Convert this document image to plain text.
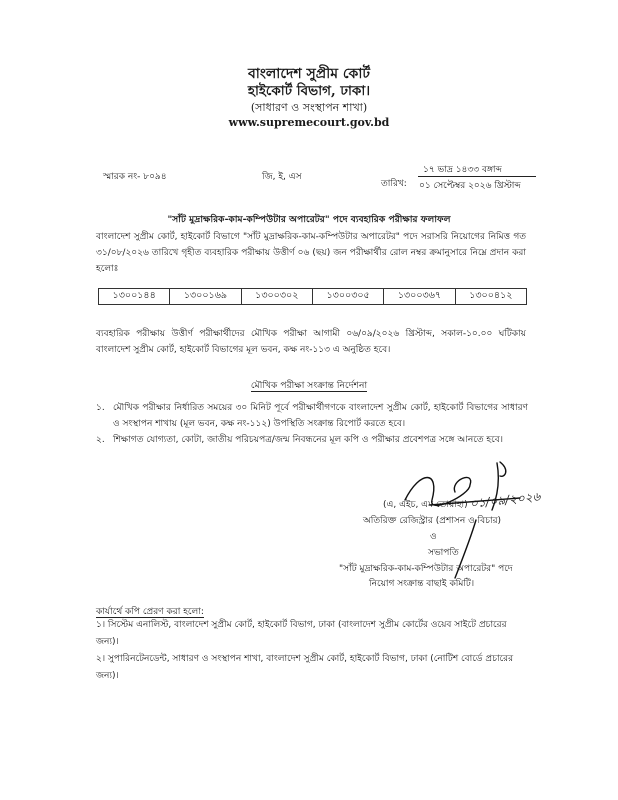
বাংলাদেশ সুপ্রীম কোর্ট
হাইকোর্ট বিভাগ, ঢাকা।
(সাধারণ ও সংস্থাপন শাখা)
www.supremecourt.gov.bd
স্মারক নং- ৮০৯৪	জি, ই, এস
তারিখ:
১৭ ভাদ্র ১৪৩৩ বঙ্গাব্দ
০১ সেপ্টেম্বর ২০২৬ খ্রিস্টাব্দ
"সাঁট মুদ্রাক্ষরিক-কাম-কম্পিউটার অপারেটর" পদে ব্যবহারিক পরীক্ষার ফলাফল
বাংলাদেশ সুপ্রীম কোর্ট, হাইকোর্ট বিভাগে "সাঁট মুদ্রাক্ষরিক-কাম-কম্পিউটার অপারেটর" পদে সরাসরি নিয়োগের নিমিত্ত গত ৩১/০৮/২০২৬ তারিখে গৃহীত ব্যবহারিক পরীক্ষায় উত্তীর্ণ ০৬ (ছয়) জন পরীক্ষার্থীর রোল নম্বর ক্রমানুসারে নিম্নে প্রদান করা হলোঃ
১৩০০১৪৪	১৩০০১৬৯	১৩০০৩০২	১৩০০৩০৫	১৩০০৩৬৭	১৩০০৪১২
ব্যবহারিক পরীক্ষায় উত্তীর্ণ পরীক্ষার্থীদের মৌখিক পরীক্ষা আগামী ০৬/০৯/২০২৬ খ্রিস্টাব্দ, সকাল-১০.০০ ঘটিকায় বাংলাদেশ সুপ্রীম কোর্ট, হাইকোর্ট বিভাগের মূল ভবন, কক্ষ নং-১১৩ এ অনুষ্ঠিত হবে।
মৌখিক পরীক্ষা সংক্রান্ত নির্দেশনা
১. মৌখিক পরীক্ষার নির্ধারিত সময়ের ৩০ মিনিট পূর্বে পরীক্ষার্থীগণকে বাংলাদেশ সুপ্রীম কোর্ট, হাইকোর্ট বিভাগের সাধারণ ও সংস্থাপন শাখায় (মূল ভবন, কক্ষ নং-১১২) উপস্থিতি সংক্রান্ত রিপোর্ট করতে হবে।
২. শিক্ষাগত যোগ্যতা, কোটা, জাতীয় পরিচয়পত্র/জন্ম নিবন্ধনের মূল কপি ও পরীক্ষার প্রবেশপত্র সঙ্গে আনতে হবে।
০১/০৯/২০২৬
(এ, এইচ, এম তোয়াহা)
অতিরিক্ত রেজিস্ট্রার (প্রশাসন ও বিচার)
ও
সভাপতি
"সাঁট মুদ্রাক্ষরিক-কাম-কম্পিউটার অপারেটর" পদে
নিয়োগ সংক্রান্ত বাছাই কমিটি।
কার্যার্থে কপি প্রেরণ করা হলো:
১। সিস্টেম এনালিস্ট, বাংলাদেশ সুপ্রীম কোর্ট, হাইকোর্ট বিভাগ, ঢাকা (বাংলাদেশ সুপ্রীম কোর্টের ওয়েব সাইটে প্রচারের জন্য)।
২। সুপারিনটেনডেন্ট, সাধারণ ও সংস্থাপন শাখা, বাংলাদেশ সুপ্রীম কোর্ট, হাইকোর্ট বিভাগ, ঢাকা (নোটিশ বোর্ডে প্রচারের জন্য)।
